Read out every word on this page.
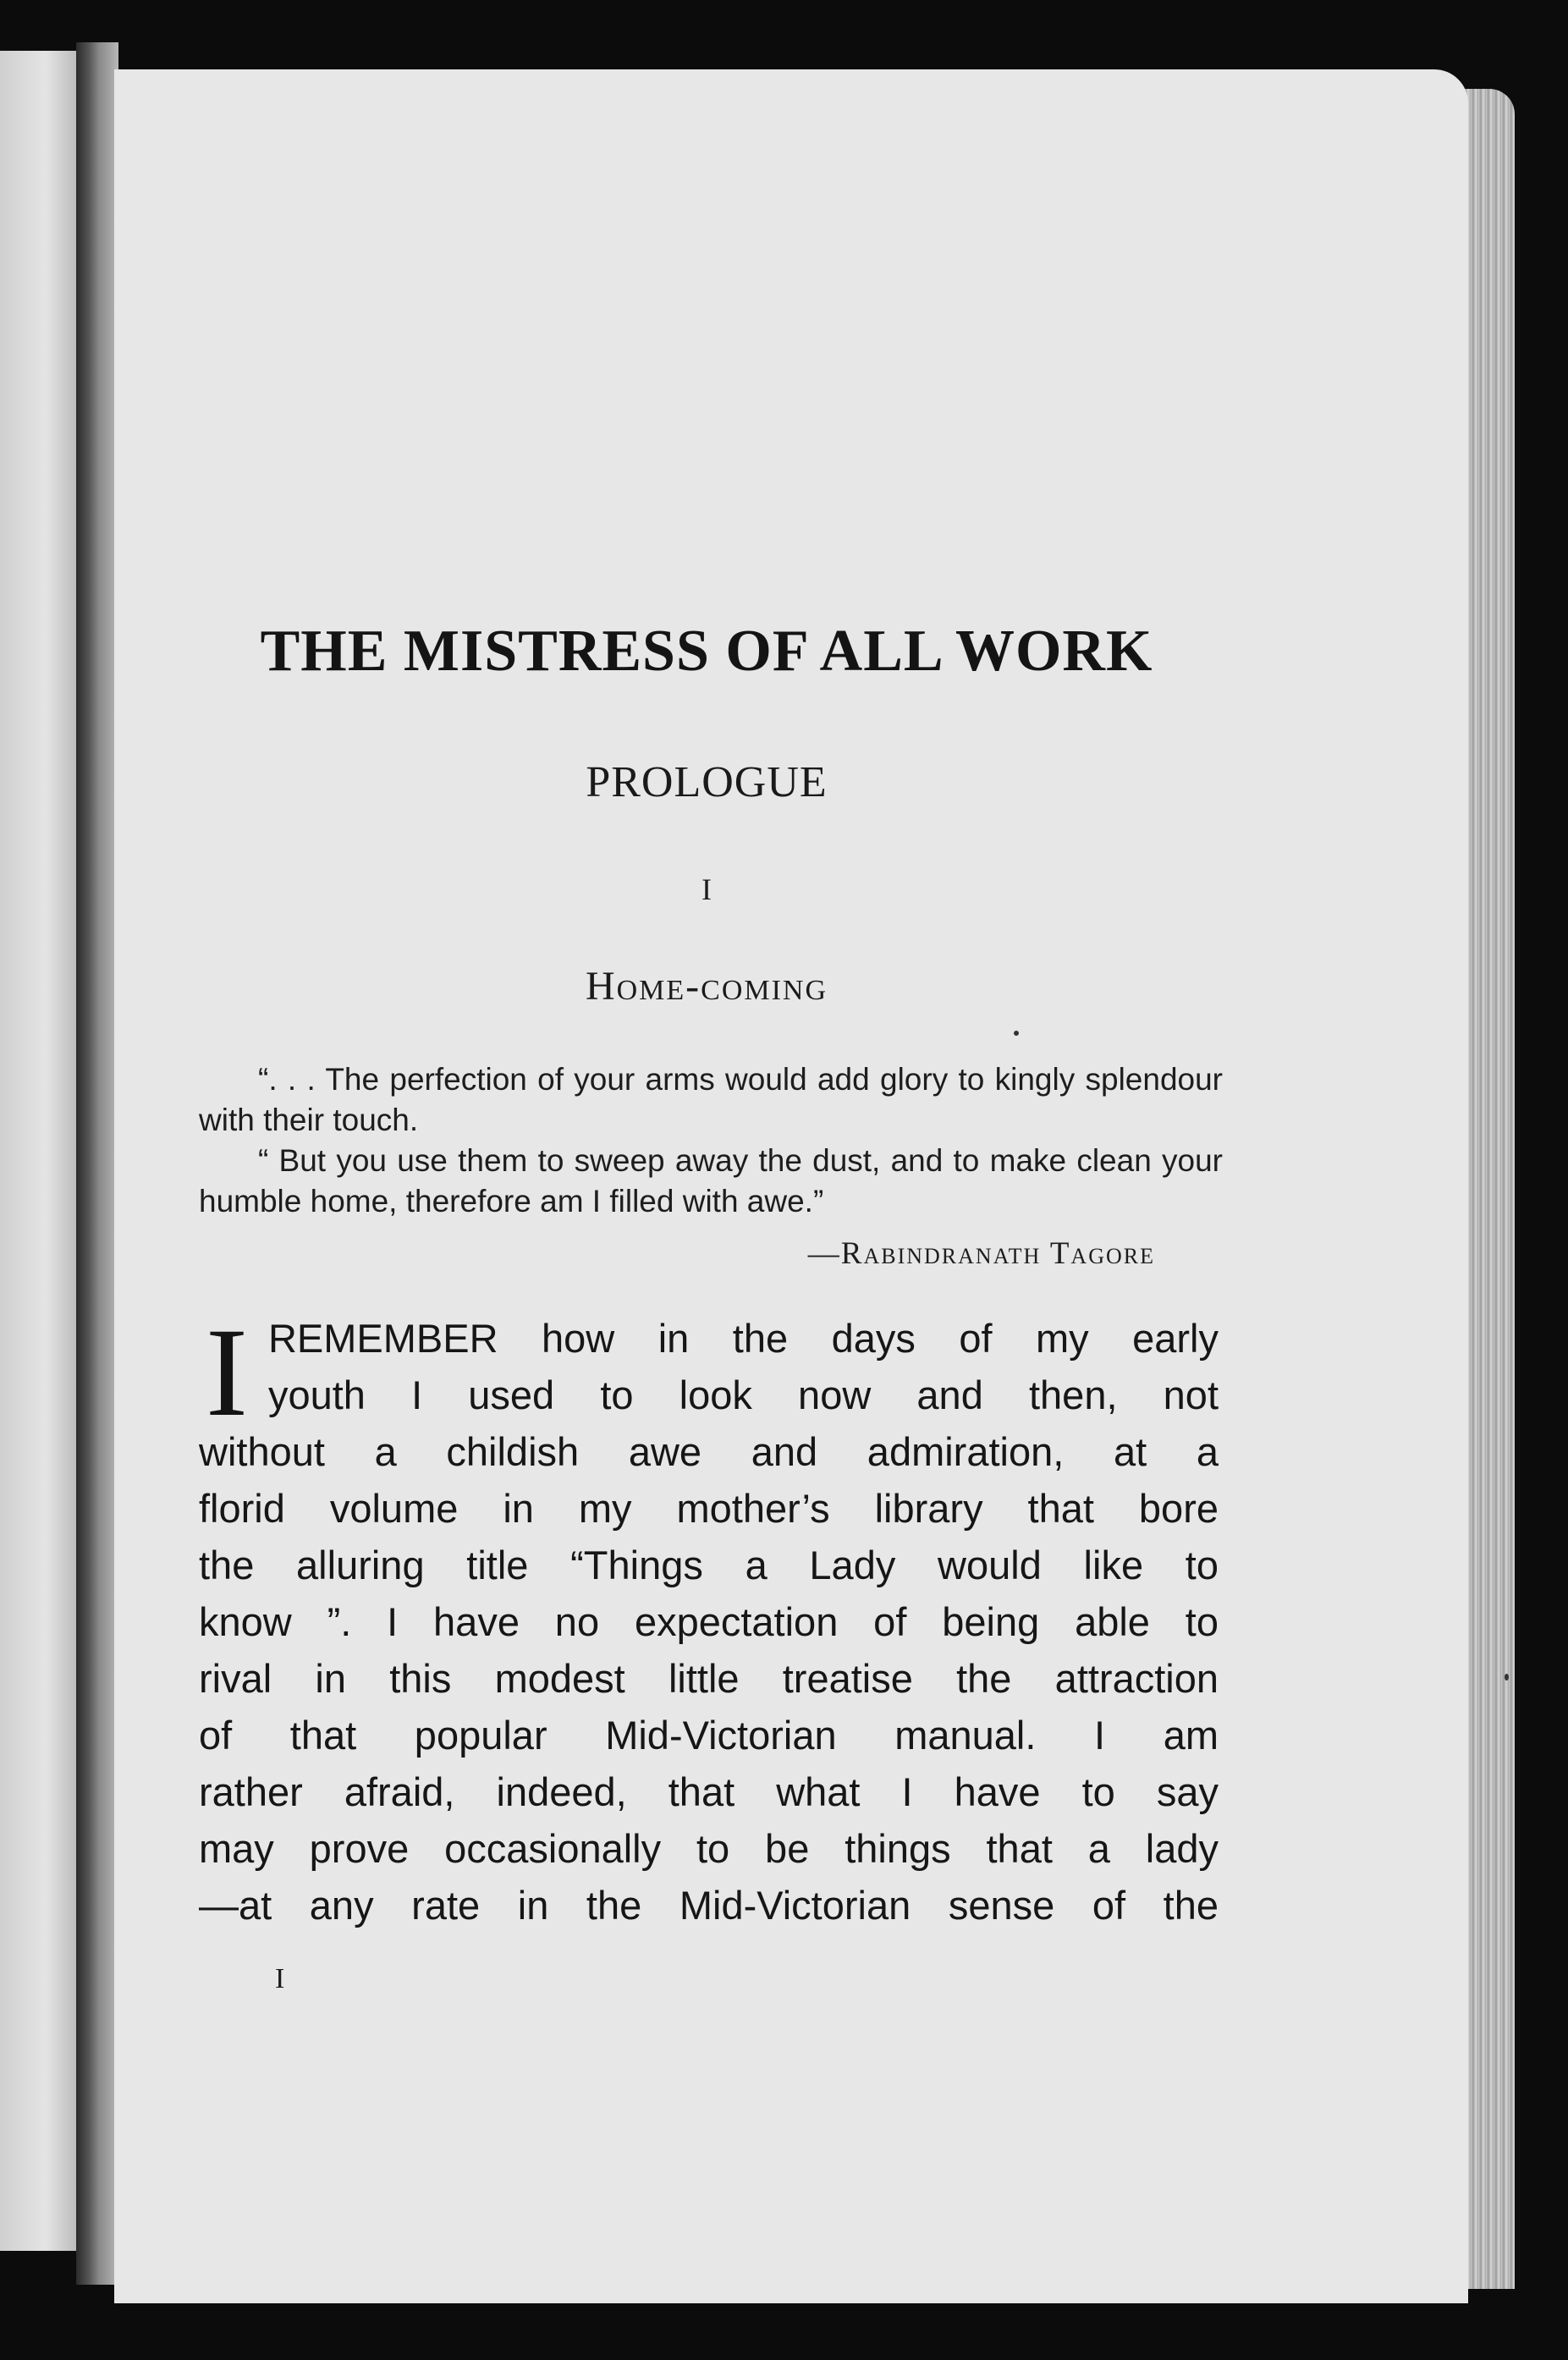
THE MISTRESS OF ALL WORK
PROLOGUE
I
Home-coming

“. . . The perfection of your arms would add glory to kingly splendour with their touch.

“ But you use them to sweep away the dust, and to make clean your humble home, therefore am I filled with awe.”

—Rabindranath Tagore
I REMEMBER how in the days of my early
youth I used to look now and then, not
without a childish awe and admiration, at a
florid volume in my mother’s library that bore
the alluring title “Things a Lady would like to
know ”. I have no expectation of being able to
rival in this modest little treatise the attraction
of that popular Mid-Victorian manual. I am
rather afraid, indeed, that what I have to say
may prove occasionally to be things that a lady
—at any rate in the Mid-Victorian sense of the
I
